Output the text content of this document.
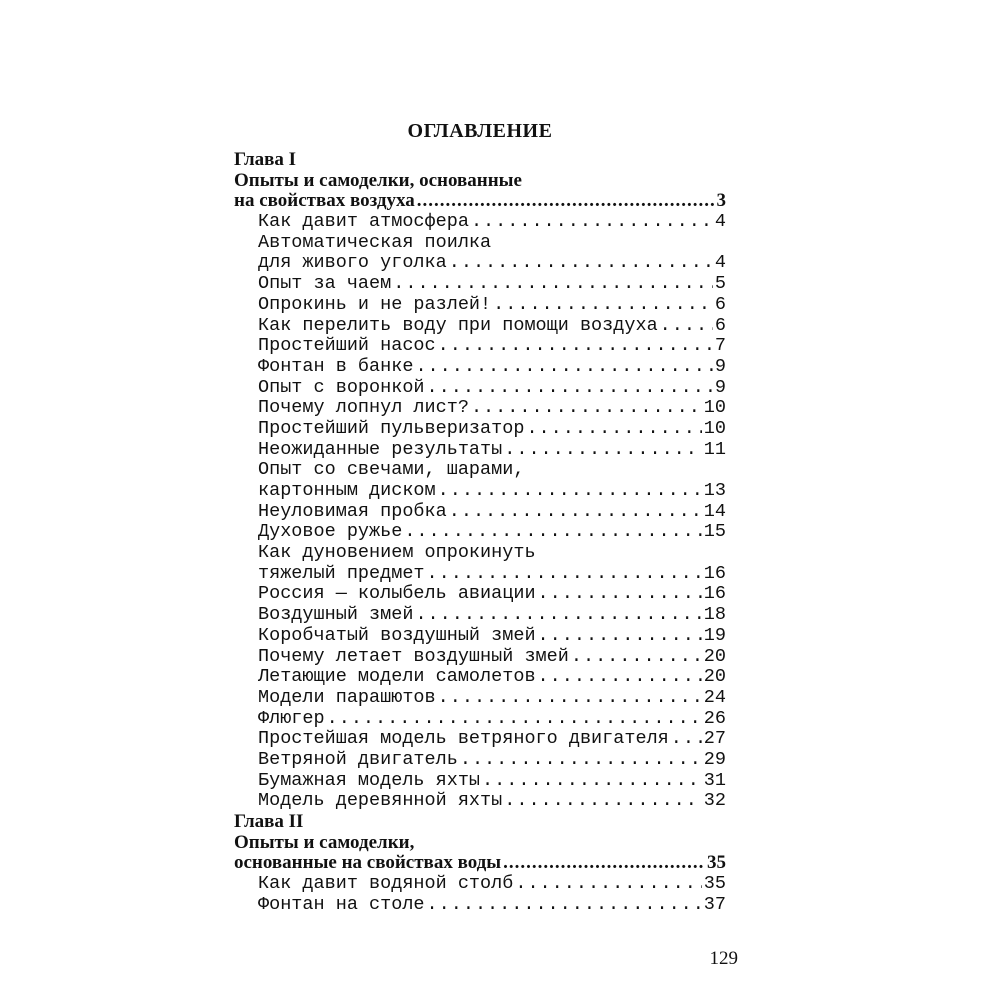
ОГЛАВЛЕНИЕ
Глава I
Опыты и самоделки, основанные
на свойствах воздуха .....	3
Как давит атмосфера .....	4
Автоматическая поилка
для живого уголка .....	4
Опыт за чаем .....	5
Опрокинь и не разлей! .....	6
Как перелить воду при помощи воздуха .....	6
Простейший насос .....	7
Фонтан в банке .....	9
Опыт с воронкой .....	9
Почему лопнул лист? .....	10
Простейший пульверизатор .....	10
Неожиданные результаты .....	11
Опыт со свечами, шарами,
картонным диском .....	13
Неуловимая пробка .....	14
Духовое ружье .....	15
Как дуновением опрокинуть
тяжелый предмет .....	16
Россия — колыбель авиации .....	16
Воздушный змей .....	18
Коробчатый воздушный змей .....	19
Почему летает воздушный змей .....	20
Летающие модели самолетов .....	20
Модели парашютов .....	24
Флюгер .....	26
Простейшая модель ветряного двигателя ..... 27
Ветряной двигатель .....	29
Бумажная модель яхты .....	31
Модель деревянной яхты .....	32
Глава II
Опыты и самоделки,
основанные на свойствах воды .....	35
Как давит водяной столб .....	35
Фонтан на столе .....	37
129
